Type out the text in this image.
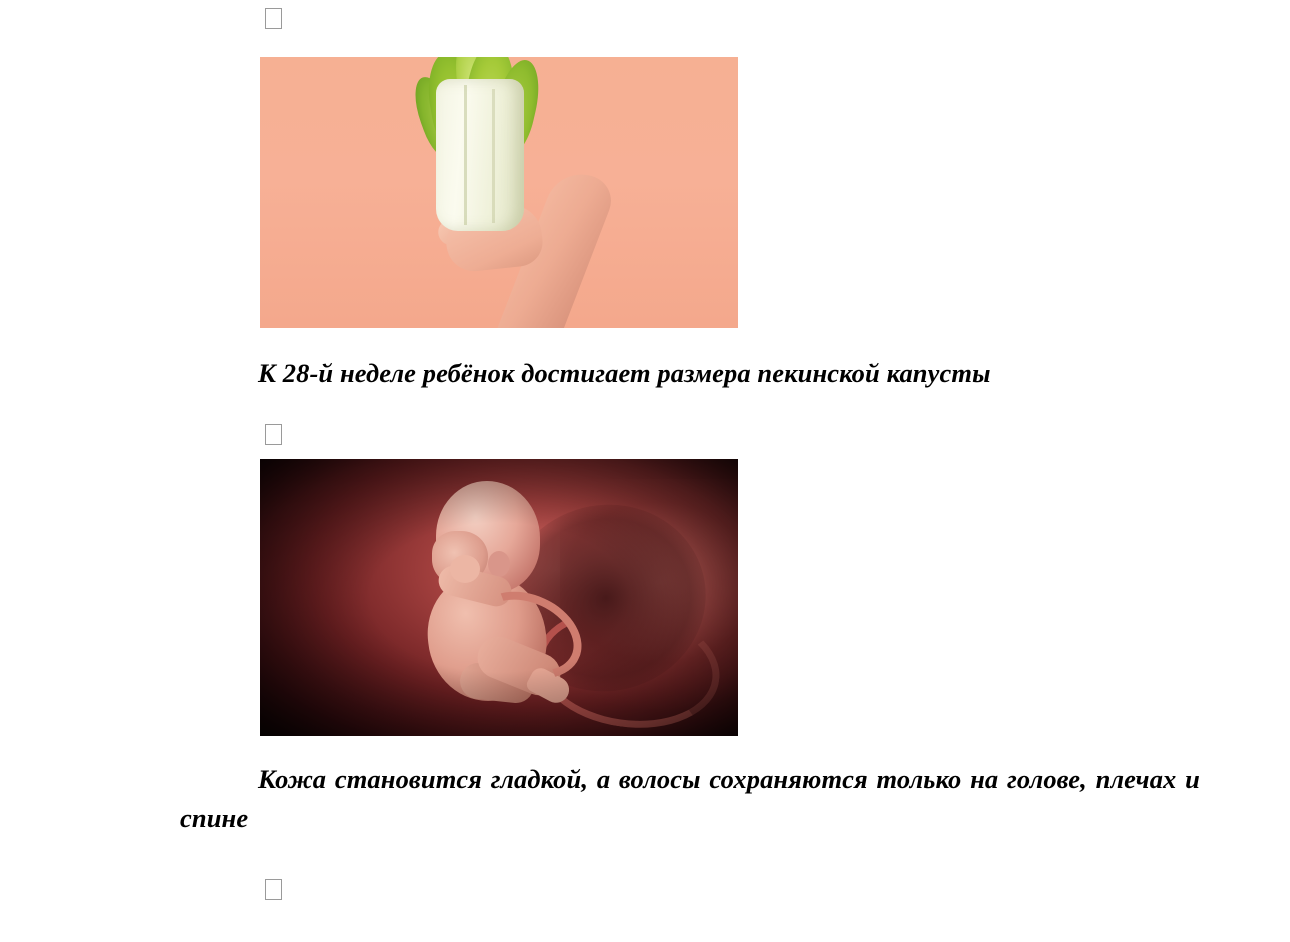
К 28-й неделе ребёнок достигает размера пекинской капусты

Кожа становится гладкой, а волосы сохраняются только на голове, плечах и спине
